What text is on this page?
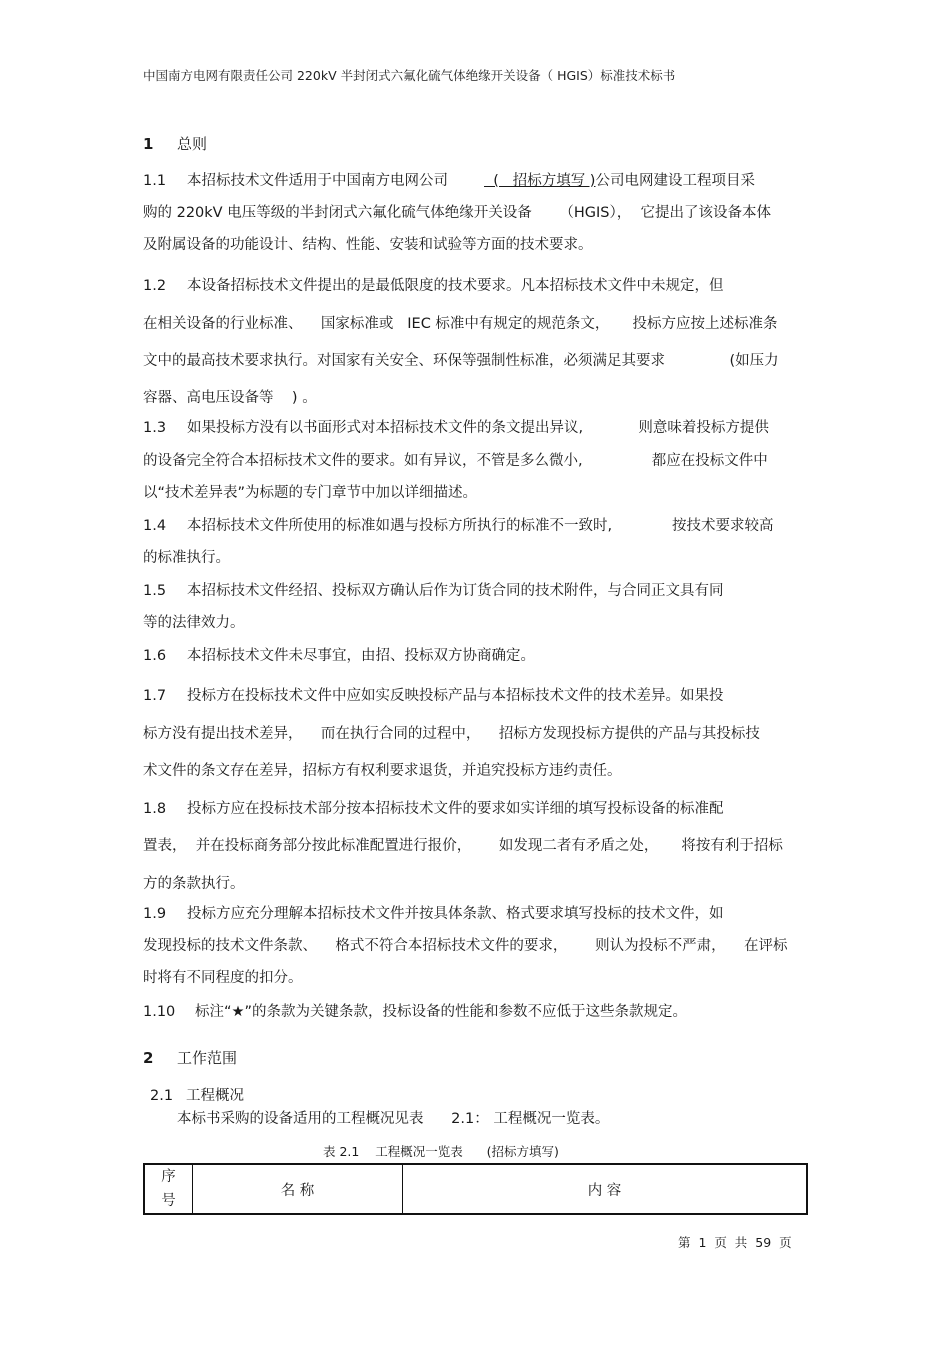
中国南方电网有限责任公司 220kV 半封闭式六氟化硫气体绝缘开关设备（ HGIS）标准技术标书
1 总则
1.1 本招标技术文件适用于中国南方电网公司  (   招标方填写 )公司电网建设工程项目采
购的 220kV 电压等级的半封闭式六氟化硫气体绝缘开关设备      （HGIS），  它提出了该设备本体
及附属设备的功能设计、结构、性能、安装和试验等方面的技术要求。
1.2 本设备招标技术文件提出的是最低限度的技术要求。凡本招标技术文件中未规定，但
在相关设备的行业标准、    国家标准或   IEC 标准中有规定的规范条文，     投标方应按上述标准条
文中的最高技术要求执行。对国家有关安全、环保等强制性标准，必须满足其要求              (如压力
容器、高电压设备等    ) 。
1.3 如果投标方没有以书面形式对本招标技术文件的条文提出异议,            则意味着投标方提供
的设备完全符合本招标技术文件的要求。如有异议，不管是多么微小,               都应在投标文件中
以“技术差异表”为标题的专门章节中加以详细描述。
1.4 本招标技术文件所使用的标准如遇与投标方所执行的标准不一致时,             按技术要求较高
的标准执行。
1.5 本招标技术文件经招、投标双方确认后作为订货合同的技术附件，与合同正文具有同
等的法律效力。
1.6 本招标技术文件未尽事宜，由招、投标双方协商确定。
1.7 投标方在投标技术文件中应如实反映投标产品与本招标技术文件的技术差异。如果投
标方没有提出技术差异，    而在执行合同的过程中，    招标方发现投标方提供的产品与其投标技
术文件的条文存在差异，招标方有权利要求退货，并追究投标方违约责任。
1.8 投标方应在投标技术部分按本招标技术文件的要求如实详细的填写投标设备的标准配
置表，  并在投标商务部分按此标准配置进行报价，      如发现二者有矛盾之处，     将按有利于招标
方的条款执行。
1.9 投标方应充分理解本招标技术文件并按具体条款、格式要求填写投标的技术文件，如
发现投标的技术文件条款、    格式不符合本招标技术文件的要求，      则认为投标不严肃，    在评标
时将有不同程度的扣分。
1.10 标注“★”的条款为关键条款，投标设备的性能和参数不应低于这些条款规定。
2 工作范围
2.1 工程概况
本标书采购的设备适用的工程概况见表      2.1： 工程概况一览表。
表 2.1    工程概况一览表      (招标方填写)
序
号	名 称	内 容
第  1  页  共  59  页
